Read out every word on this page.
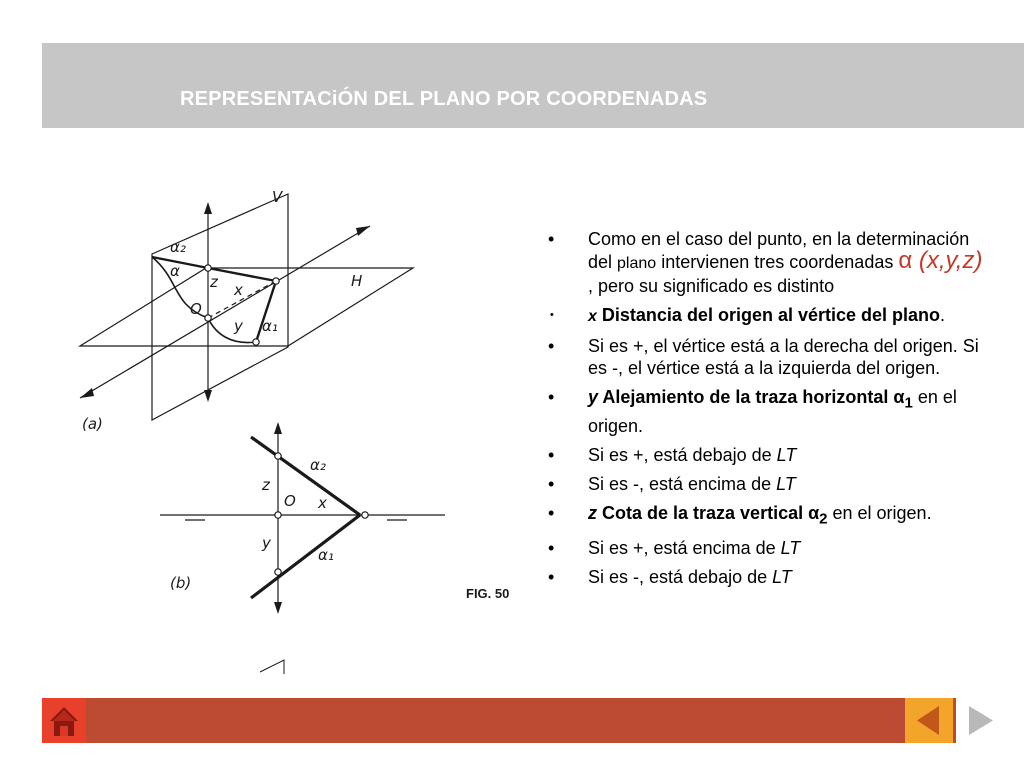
REPRESENTACiÓN DEL PLANO POR COORDENADAS
V
H
α₂
α
z x
O
y α₁
(a)
α₂
z
O x
y
α₁
(b)
FIG. 50
• Como en el caso del punto, en la determinación del plano intervienen tres coordenadas α (x,y,z) , pero su significado es distinto
• x Distancia del origen al vértice del plano.
• Si es +, el vértice está a la derecha del origen. Si es -, el vértice está a la izquierda del origen.
• y Alejamiento de la traza horizontal $\alpha_1$ en el origen.
• Si es +, está debajo de LT
• Si es -, está encima de LT
• z Cota de la traza vertical $\alpha_2$ en el origen.
• Si es +, está encima de LT
• Si es -, está debajo de LT
